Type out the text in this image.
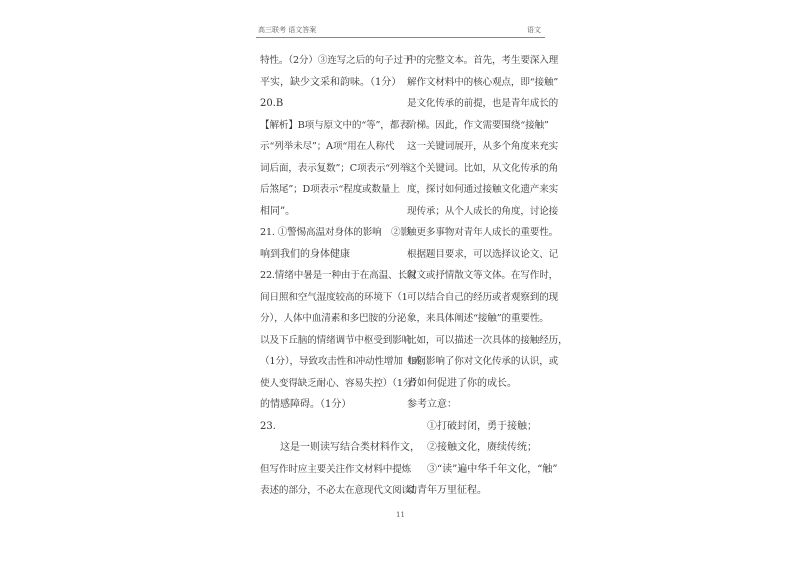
高三联考 语文答案	语文
特性。（2分）③连写之后的句子过于
平实，缺少文采和韵味。（1分）
20.B
【解析】B项与原文中的“等”，都表
示“列举未尽”；A项“用在人称代
词后面，表示复数”；C项表示“列举
后煞尾”；D项表示“程度或数量上
相同”。
21. ①警惕高温对身体的影响　②影
响到我们的身体健康
22.情绪中暑是一种由于在高温、长时
间日照和空气湿度较高的环境下（1
分），人体中血清素和多巴胺的分泌
以及下丘脑的情绪调节中枢受到影响
（1分），导致攻击性和冲动性增加（或：
使人变得缺乏耐心、容易失控）（1分）
的情感障碍。（1分）
23.
这是一则读写结合类材料作文，
但写作时应主要关注作文材料中提炼
表述的部分，不必太在意现代文阅读Ⅰ
中的完整文本。首先，考生要深入理
解作文材料中的核心观点，即“接触”
是文化传承的前提，也是青年成长的
阶梯。因此，作文需要围绕“接触”
这一关键词展开，从多个角度来充实
这个关键词。比如，从文化传承的角
度，探讨如何通过接触文化遗产来实
现传承；从个人成长的角度，讨论接
触更多事物对青年人成长的重要性。
根据题目要求，可以选择议论文、记
叙文或抒情散文等文体。在写作时，
可以结合自己的经历或者观察到的现
象，来具体阐述“接触”的重要性。
比如，可以描述一次具体的接触经历，
如何影响了你对文化传承的认识，或
者如何促进了你的成长。
参考立意：
①打破封闭，勇于接触；
②接触文化，赓续传统；
③“读”遍中华千年文化，“触”
动青年万里征程。
11
